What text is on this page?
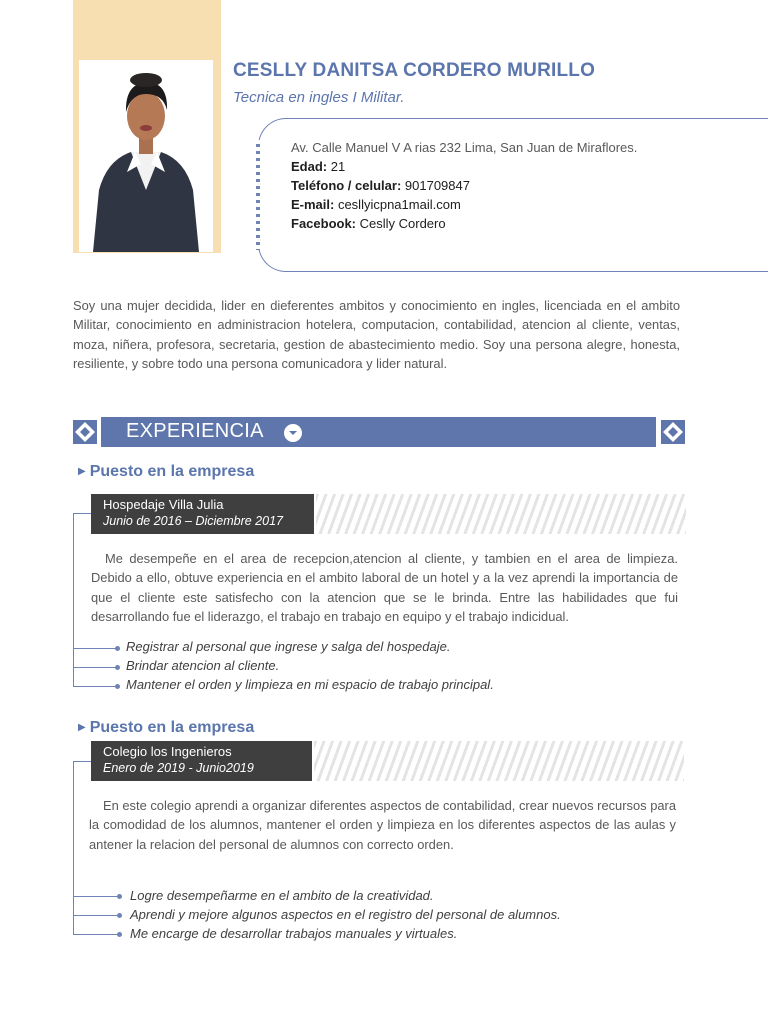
CESLLY DANITSA CORDERO MURILLO
Tecnica en ingles I Militar.
Av. Calle Manuel V A rias 232 Lima, San Juan de Miraflores.
Edad: 21
Teléfono / celular: 901709847
E-mail: ceslly​icpna1mail.com
Facebook: Ceslly Cordero
Soy una mujer decidida, lider en dieferentes ambitos y conocimiento en ingles, licenciada en el ambito Militar, conocimiento en administracion hotelera, computacion, contabilidad, atencion al cliente, ventas, moza, niñera, profesora, secretaria, gestion de abastecimiento medio. Soy una persona alegre, honesta, resiliente, y sobre todo una persona comunicadora y lider natural.
EXPERIENCIA
▶ Puesto en la empresa
Hospedaje Villa Julia
Junio de 2016 – Diciembre 2017
Me desempeñe en el area de recepcion,atencion al cliente, y tambien en el area de limpieza. Debido a ello, obtuve experiencia en el ambito laboral de un hotel y a la vez aprendi la importancia de que el cliente este satisfecho con la atencion que se le brinda. Entre las habilidades que fui desarrollando fue el liderazgo, el trabajo en trabajo en equipo y el trabajo indicidual.
Registrar al personal que ingrese y salga del hospedaje.
Brindar atencion al cliente.
Mantener el orden y limpieza en mi espacio de trabajo principal.
▶ Puesto en la empresa
Colegio los Ingenieros
Enero de 2019 - Junio2019
En este colegio aprendi a organizar diferentes aspectos de contabilidad, crear nuevos recursos para la comodidad de los alumnos, mantener el orden y limpieza en los diferentes aspectos de las aulas y antener la relacion del personal de alumnos con correcto orden.
Logre desempeñarme en el ambito de la creatividad.
Aprendi y mejore algunos aspectos en el registro del personal de alumnos.
Me encarge de desarrollar trabajos manuales y virtuales.
